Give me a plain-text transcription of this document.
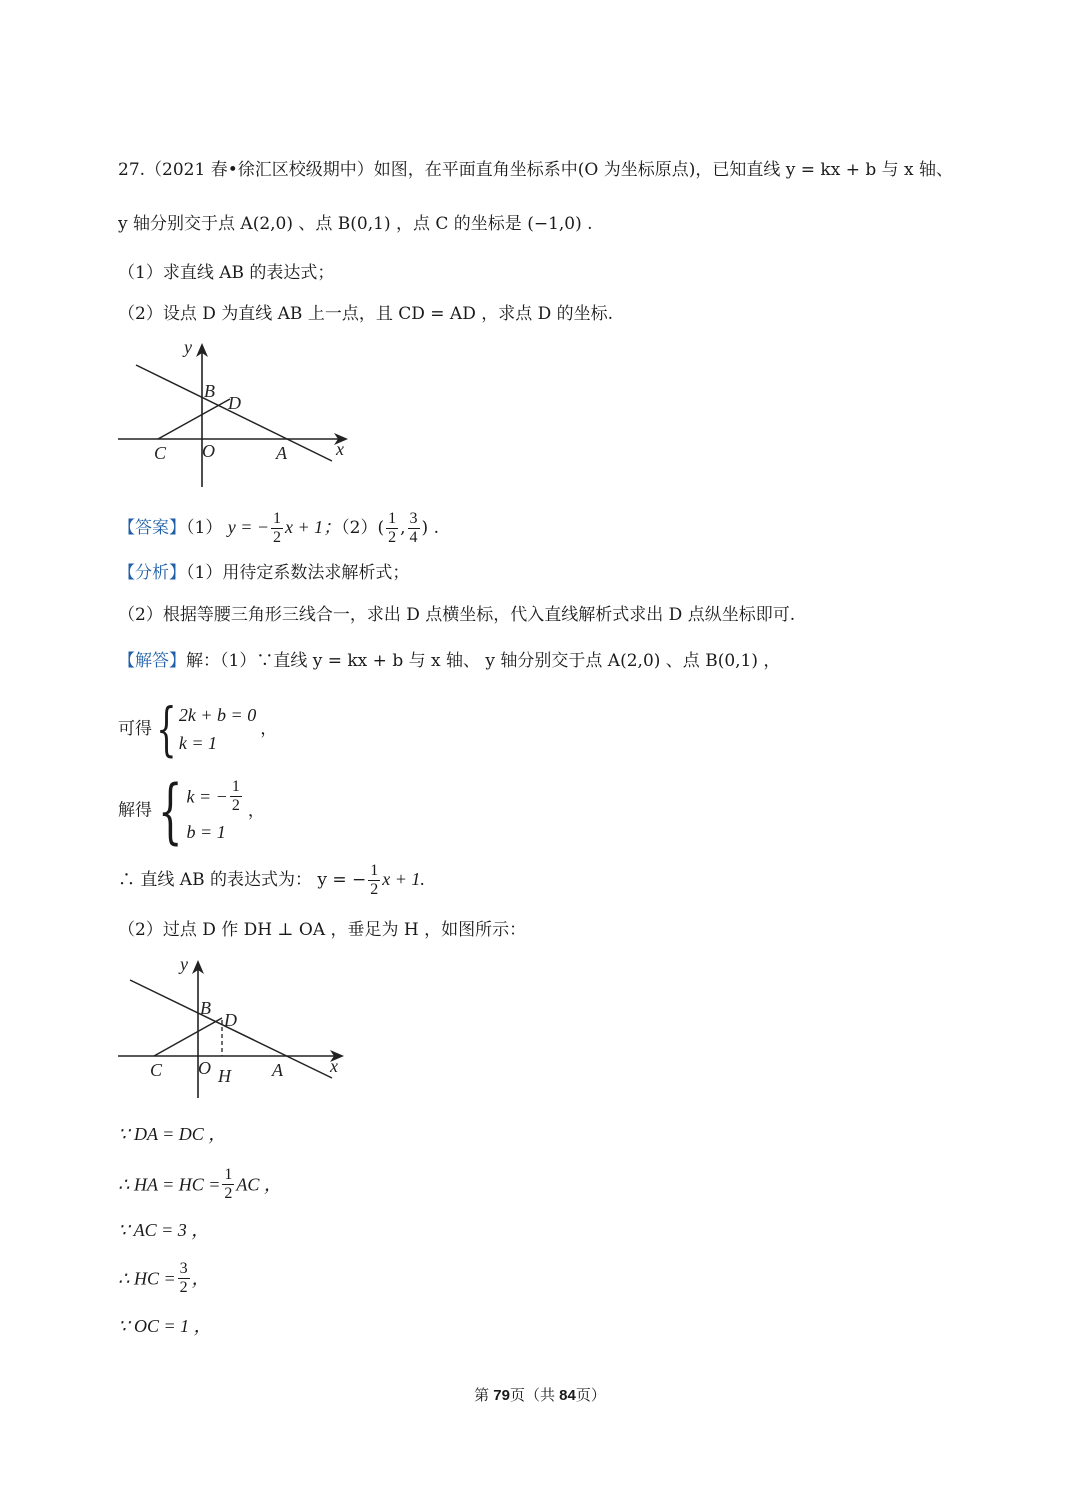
27.（2021 春•徐汇区校级期中）如图，在平面直角坐标系中(O 为坐标原点)，已知直线 y = kx + b 与 x 轴、
y 轴分别交于点 A(2,0) 、点 B(0,1) ，点 C 的坐标是 (−1,0) .
（1）求直线 AB 的表达式；
（2）设点 D 为直线 AB 上一点，且 CD = AD ，求点 D 的坐标.
y
B
D
C O	A	x
【答案】（1） y = − $\frac{1}{2}$ x + 1；$(2)( \frac{1}{2}$ , $\frac{3}{4}$ ) .
【分析】（1）用待定系数法求解析式；
（2）根据等腰三角形三线合一，求出 D 点横坐标，代入直线解析式求出 D 点纵坐标即可.
【解答】解：（1）∵直线 y = kx + b 与 x 轴、 y 轴分别交于点 A(2,0) 、点 B(0,1) ，
可得{ 2k + b = 0
k = 1
，
解得{ k = − $\frac{1}{2}$
b = 1
，
∴ 直线 AB 的表达式为： y = − $\frac{1}{2}$ x + 1.
（2）过点 D 作 DH ⊥ OA ，垂足为 H ，如图所示：
y
B
D
C O H A	x
∵ DA = DC ，
∴ HA = HC = $\frac{1}{2}$ AC ，
∵ AC = 3 ，
∴ HC = $\frac{3}{2}$ ，
∵ OC = 1 ，
第 79页（共 84页）
